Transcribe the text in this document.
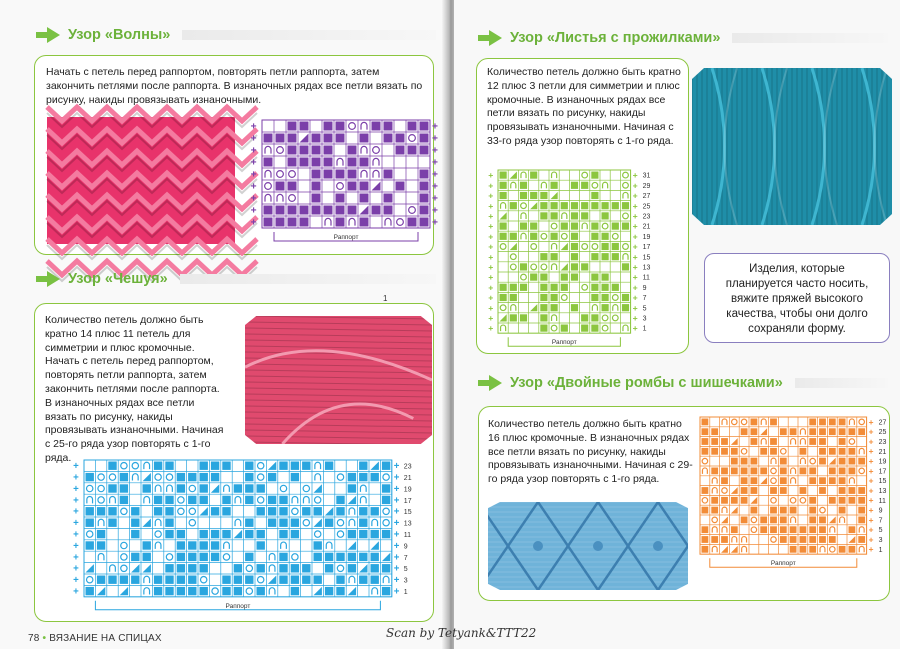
Узор «Волны»
Начать с петель перед раппортом, повторять петли раппорта, затем закончить петлями после раппорта. В изнаночных рядах все петли вязать по рисунку, накиды провязывать изнаночными.
+
+
+
+
+
+
+
+
+
+
+
+
+
+
+
+
+
+
Раппорт
Узор «Чешуя»
1
Количество петель должно быть кратно 14 плюс 11 петель для симметрии и плюс кромочные. Начать с петель перед раппортом, повторять петли раппорта, затем закончить петлями после раппорта. В изнаночных рядах все петли вязать по рисунку, накиды провязывать изнаночными. Начиная с 25-го ряда узор повторять с 1-го ряда.
23
+
+
21
+
+
19
+
+
17
+
+
15
+
+
13
+
+
11
+
+
9
+
+
7
+
+
5
+
+
3
+
+
1
+
+
Раппорт
78 • ВЯЗАНИЕ НА СПИЦАХ
Узор «Листья с прожилками»
Количество петель должно быть кратно 12 плюс 3 петли для симметрии и плюс кромочные. В изнаночных рядах все петли вязать по рисунку, накиды провязывать изнаночными. Начиная с 33-го ряда узор повторять с 1-го ряда.
31
+
+
29
+
+
27
+
+
25
+
+
23
+
+
21
+
+
19
+
+
17
+
+
15
+
+
13
+
+
11
+
+
9
+
+
7
+
+
5
+
+
3
+
+
1
+
+
Раппорт
Изделия, которые планируется часто носить, вяжите пряжей высокого качества, чтобы они долго сохраняли форму.
Узор «Двойные ромбы с шишечками»
Количество петель должно быть кратно 16 плюс кромочные. В изнаночных рядах все петли вязать по рисунку, накиды провязывать изнаночными. Начиная с 29-го ряда узор повторять с 1-го ряда.
27
+
25
+
23
+
21
+
19
+
17
+
15
+
13
+
11
+
9
+
7
+
5
+
3
+
1
+
Раппорт
Scan by Tetyank&TTT22
